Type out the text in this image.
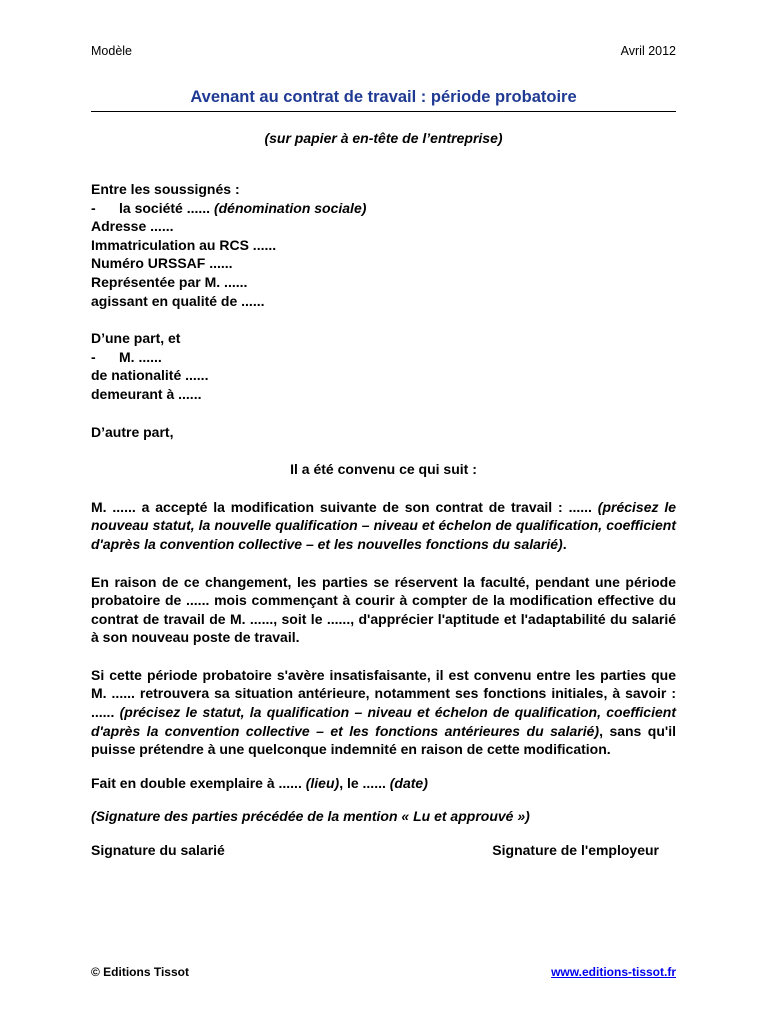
Modèle	Avril 2012
Avenant au contrat de travail : période probatoire
(sur papier à en-tête de l’entreprise)

Entre les soussignés :

- la société ...... (dénomination sociale)

Adresse ......

Immatriculation au RCS ......

Numéro URSSAF ......

Représentée par M. ......

agissant en qualité de ......

D’une part, et

- M. ......

de nationalité ......

demeurant à ......

D’autre part,

Il a été convenu ce qui suit :

M. ...... a accepté la modification suivante de son contrat de travail : ...... (précisez le nouveau statut, la nouvelle qualification – niveau et échelon de qualification, coefficient d'après la convention collective – et les nouvelles fonctions du salarié).

En raison de ce changement, les parties se réservent la faculté, pendant une période probatoire de ...... mois commençant à courir à compter de la modification effective du contrat de travail de M. ......, soit le ......, d'apprécier l'aptitude et l'adaptabilité du salarié à son nouveau poste de travail.

Si cette période probatoire s'avère insatisfaisante, il est convenu entre les parties que M. ...... retrouvera sa situation antérieure, notamment ses fonctions initiales, à savoir : ...... (précisez le statut, la qualification – niveau et échelon de qualification, coefficient d'après la convention collective – et les fonctions antérieures du salarié), sans qu'il puisse prétendre à une quelconque indemnité en raison de cette modification.

Fait en double exemplaire à ...... (lieu), le ...... (date)

(Signature des parties précédée de la mention « Lu et approuvé »)

Signature du salarié	Signature de l'employeur
© Editions Tissot	www.editions-tissot.fr
